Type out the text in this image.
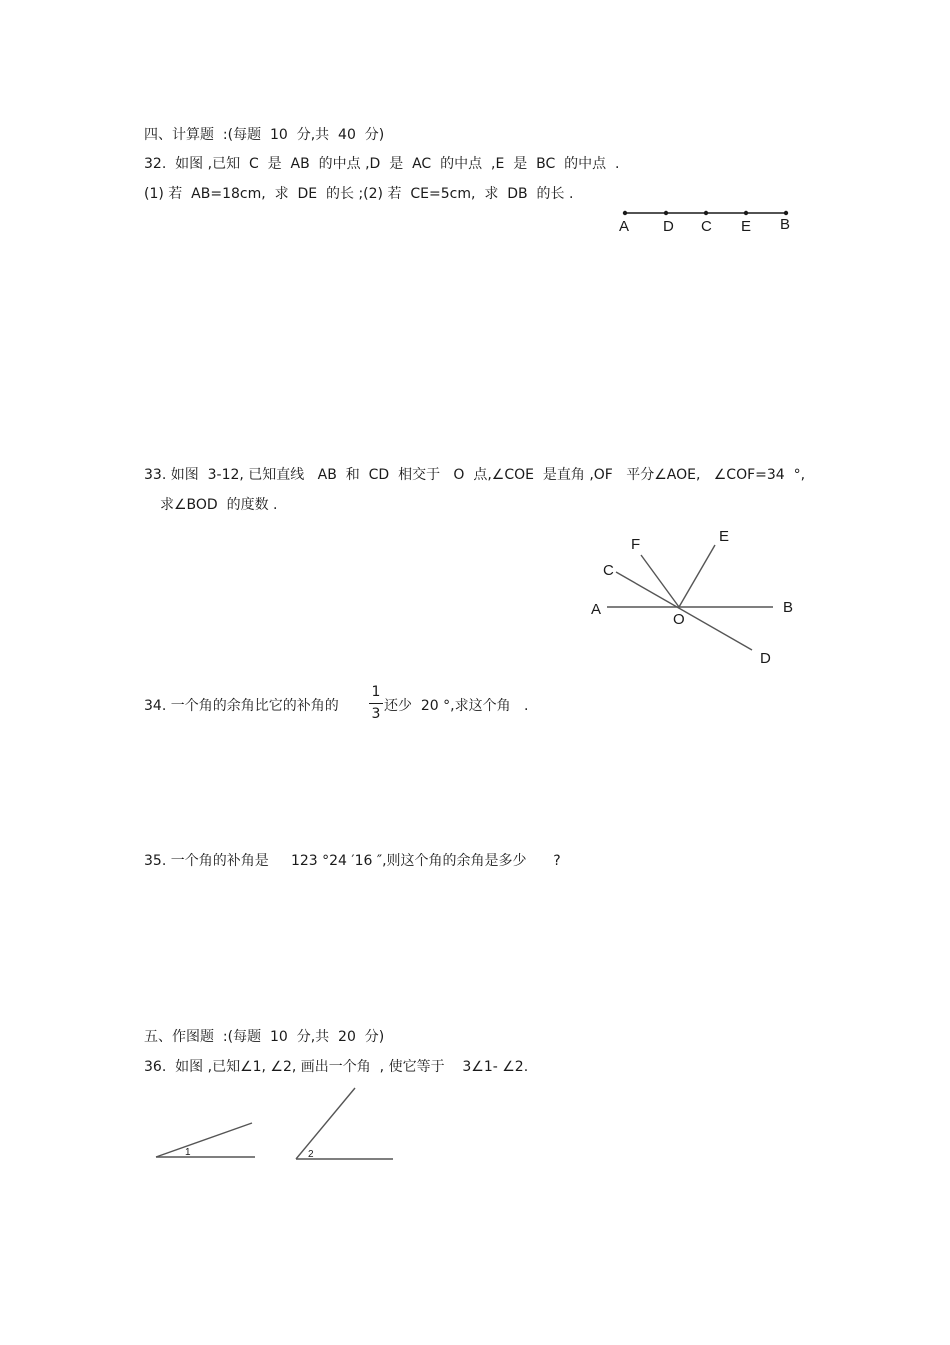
四、计算题  :(每题  10  分,共  40  分)
32.  如图 ,已知  C  是  AB  的中点 ,D  是  AC  的中点  ,E  是  BC  的中点  .
(1) 若  AB=18cm,  求  DE  的长 ;(2) 若  CE=5cm,  求  DB  的长 .
A D C E B
33. 如图  3-12, 已知直线   AB  和  CD  相交于   O  点,∠COE  是直角 ,OF   平分∠AOE,   ∠COF=34  °,
求∠BOD  的度数 .
A	B
C
D
E
F
O
34. 一个角的余角比它的补角的
1
3 还少  20 °,求这个角   .
35. 一个角的补角是     123 °24 ′16 ″,则这个角的余角是多少      ?
五、作图题  :(每题  10  分,共  20  分)
36.  如图 ,已知∠1, ∠2, 画出一个角  , 使它等于    3∠1- ∠2.
1	2
